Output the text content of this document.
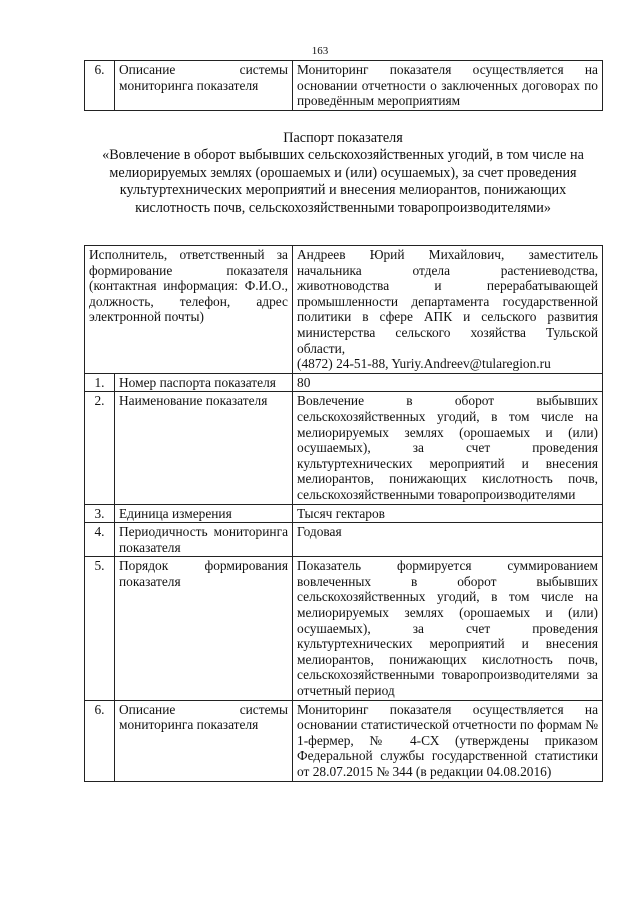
163
6.	Описание системы мониторинга показателя	Мониторинг показателя осуществляется на основании отчетности о заключенных договорах по проведённым мероприятиям
Паспорт показателя
«Вовлечение в оборот выбывших сельскохозяйственных угодий, в том числе на мелиорируемых землях (орошаемых и (или) осушаемых), за счет проведения культуртехнических мероприятий и внесения мелиорантов, понижающих кислотность почв, сельскохозяйственными товаропроизводителями»
Исполнитель, ответственный за формирование показателя (контактная информация: Ф.И.О., должность, телефон, адрес электронной почты)		Андреев Юрий Михайлович, заместитель начальника отдела растениеводства, животноводства и перерабатывающей промышленности департамента государственной политики в сфере АПК и сельского развития министерства сельского хозяйства Тульской области,
(4872) 24-51-88, Yuriy.Andreev@tularegion.ru

1.	Номер паспорта показателя	80
2.	Наименование показателя	Вовлечение в оборот выбывших сельскохозяйственных угодий, в том числе на мелиорируемых землях (орошаемых и (или) осушаемых), за счет проведения культуртехнических мероприятий и внесения мелиорантов, понижающих кислотность почв, сельскохозяйственными товаропроизводителями
3.	Единица измерения	Тысяч гектаров
4.	Периодичность мониторинга показателя	Годовая
5.	Порядок формирования показателя	Показатель формируется суммированием вовлеченных в оборот выбывших сельскохозяйственных угодий, в том числе на мелиорируемых землях (орошаемых и (или) осушаемых), за счет проведения культуртехнических мероприятий и внесения мелиорантов, понижающих кислотность почв, сельскохозяйственными товаропроизводителями за отчетный период
6.	Описание системы мониторинга показателя	Мониторинг показателя осуществляется на основании статистической отчетности по формам № 1-фермер, № 4-СХ (утверждены приказом Федеральной службы государственной статистики от 28.07.2015 № 344 (в редакции 04.08.2016)
